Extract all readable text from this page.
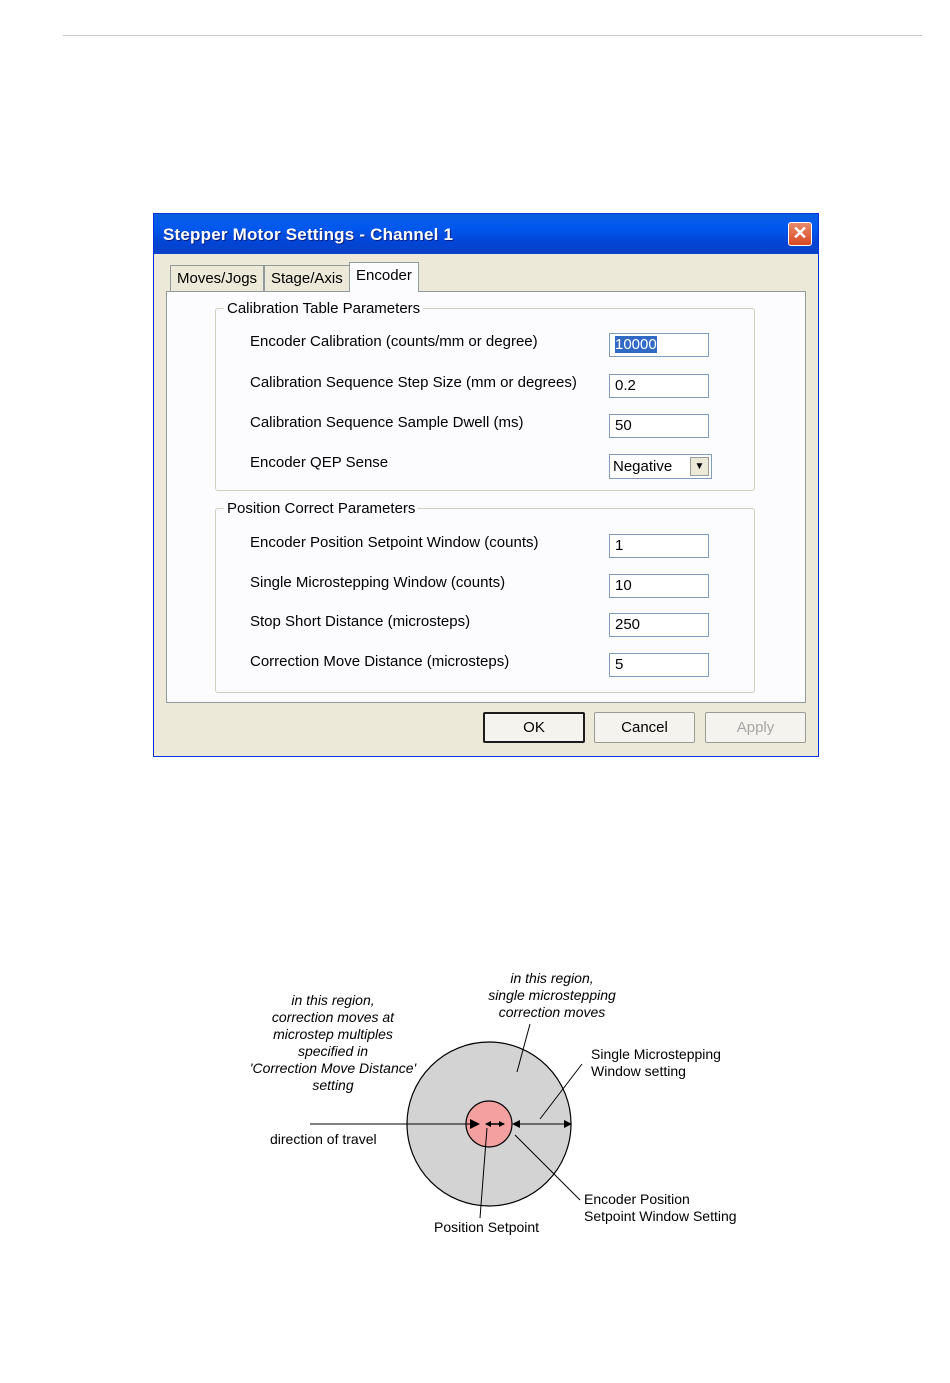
Stepper Motor Settings - Channel 1	✕
Moves/Jogs Stage/Axis Encoder
Calibration Table Parameters
Encoder Calibration (counts/mm or degree)	10000
Calibration Sequence Step Size (mm or degrees)	0.2
Calibration Sequence Sample Dwell (ms)	50
Encoder QEP Sense	Negative	▼
Position Correct Parameters
Encoder Position Setpoint Window (counts)	1
Single Microstepping Window (counts)	10
Stop Short Distance (microsteps)	250
Correction Move Distance (microsteps)	5
OK	Cancel	Apply
in this region,
correction moves at
microstep multiples
specified in
'Correction Move Distance'
setting
in this region,
single microstepping
correction moves
Single Microstepping
Window setting
direction of travel
Encoder Position
Setpoint Window Setting
Position Setpoint
